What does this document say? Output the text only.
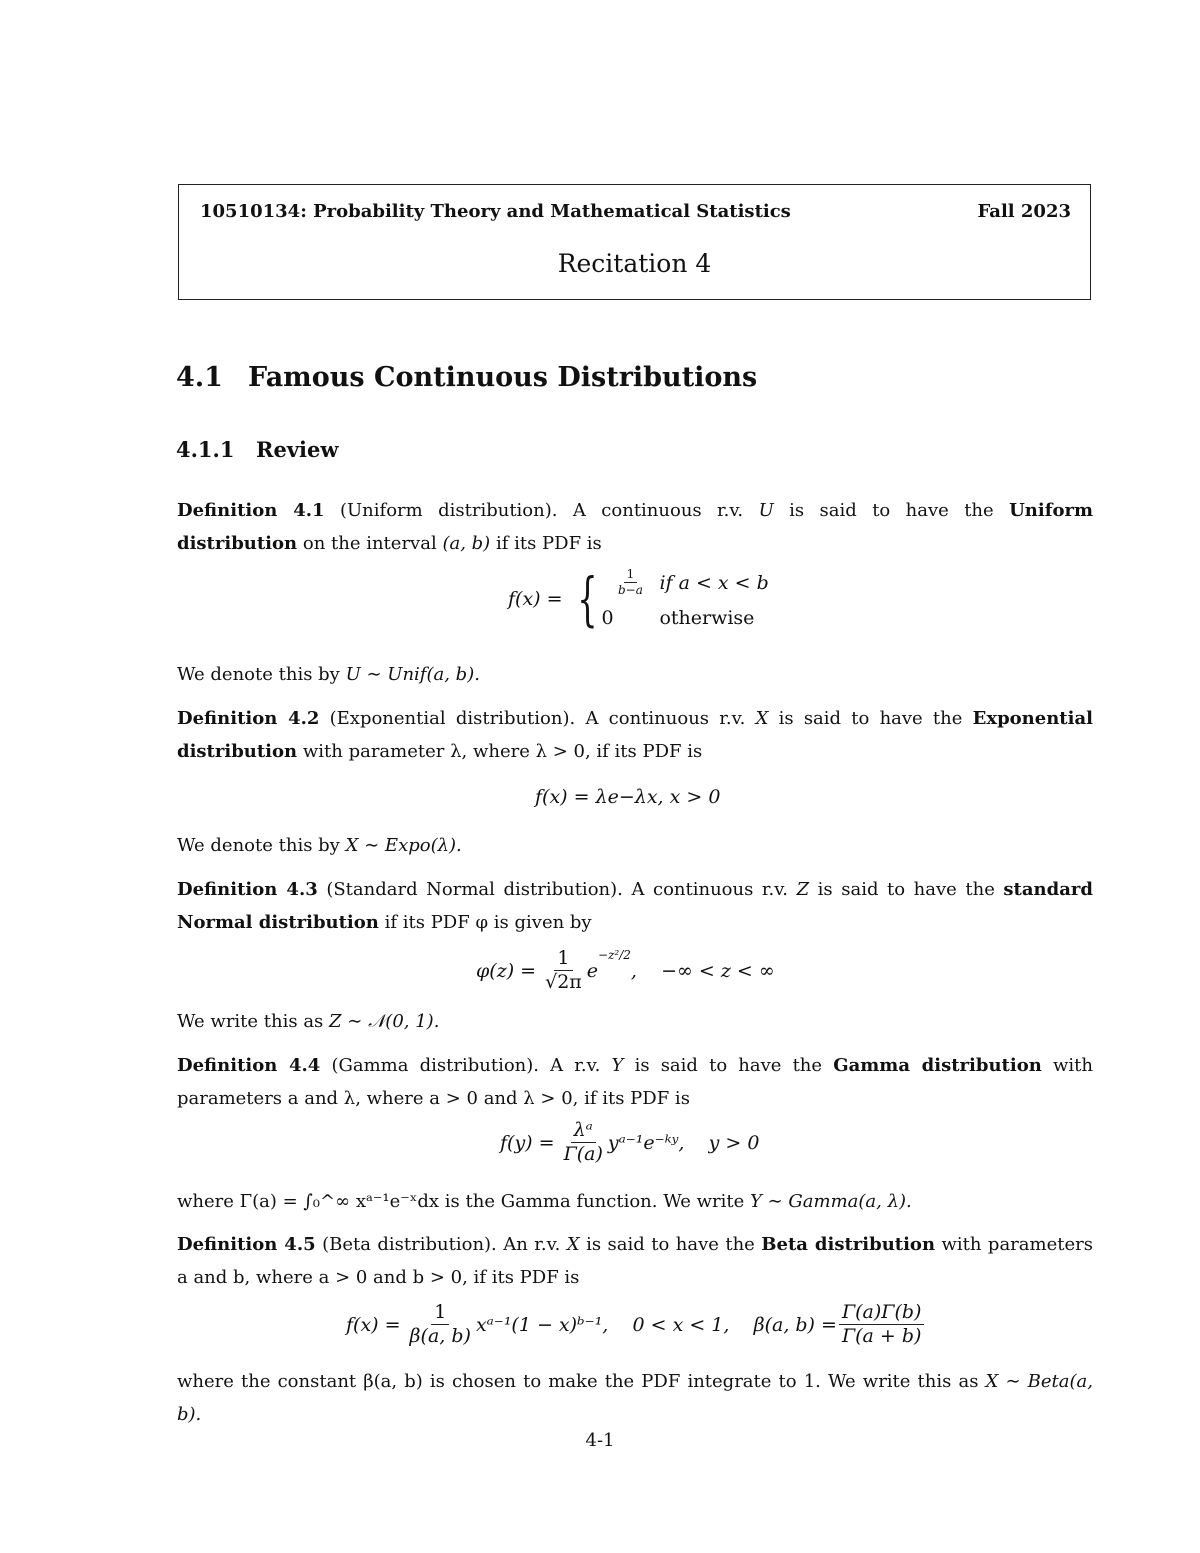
10510134: Probability Theory and Mathematical Statistics	Fall 2023
Recitation 4
4.1 Famous Continuous Distributions
4.1.1 Review
Definition 4.1 (Uniform distribution). A continuous r.v. U is said to have the Uniform distribution on the interval (a, b) if its PDF is
f(x) = { $\frac{1}{b-a}$ if a < x < b
0	otherwise
We denote this by U ∼ Unif(a, b).
Definition 4.2 (Exponential distribution). A continuous r.v. X is said to have the Exponential distribution with parameter λ, where λ > 0, if its PDF is
f(x) = λe−λx, x > 0
We denote this by X ∼ Expo(λ).
Definition 4.3 (Standard Normal distribution). A continuous r.v. Z is said to have the standard Normal distribution if its PDF φ is given by
$\varphi(z) = \frac{1}{√2\pi}$ e
$^{-z^2/2}$
,    −∞ < z < ∞
We write this as Z ∼ 𝒩(0, 1).
Definition 4.4 (Gamma distribution). A r.v. Y is said to have the Gamma distribution with parameters a and λ, where a > 0 and λ > 0, if its PDF is
$f(y) = \frac{\text{λᵃ}}{\Gamma(a)}$ yᵃ⁻¹e⁻ᵏʸ ,    y > 0
where Γ(a) = ∫₀^∞ xᵃ⁻¹e⁻ˣdx is the Gamma function. We write Y ∼ Gamma(a, λ).
Definition 4.5 (Beta distribution). An r.v. X is said to have the Beta distribution with parameters a and b, where a > 0 and b > 0, if its PDF is
$f(x) = \frac{1}{\beta(a, b)}$ xᵃ⁻¹(1 − x)ᵇ⁻¹,    0 < x < 1,    β(a, $b) = \frac{\Gamma(a)\Gamma(b)}{\Gamma(a + b)}$
where the constant β(a, b) is chosen to make the PDF integrate to 1. We write this as X ∼ Beta(a, b).
4-1
